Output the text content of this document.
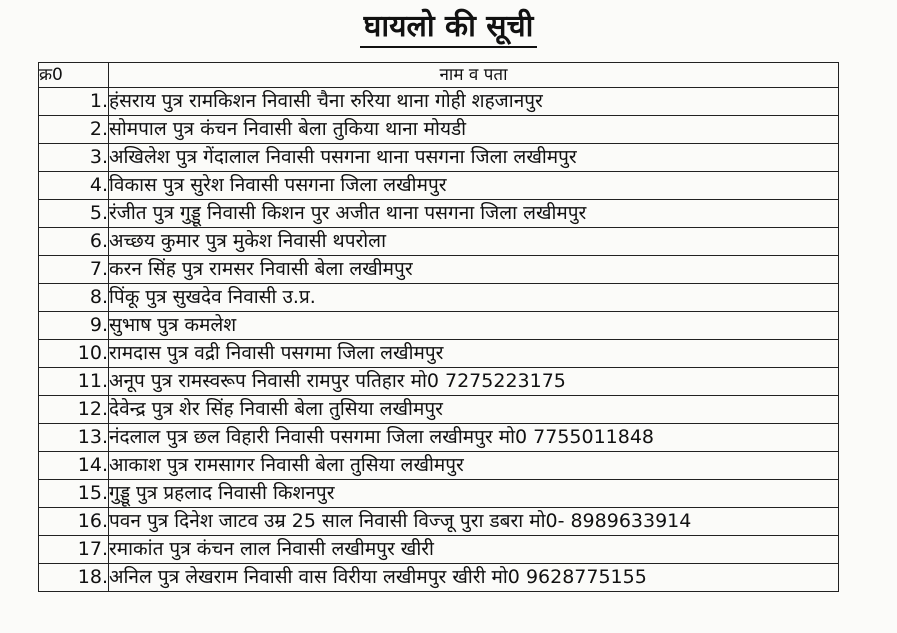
घायलो की सूची
क्र0	नाम व पता
1.	हंसराय पुत्र रामकिशन निवासी चैना रुरिया थाना गोही शहजानपुर
2.	सोमपाल पुत्र कंचन निवासी बेला तुकिया थाना मोयडी
3.	अखिलेश पुत्र गेंदालाल निवासी पसगना थाना पसगना जिला लखीमपुर
4.	विकास पुत्र सुरेश निवासी पसगना जिला लखीमपुर
5.	रंजीत पुत्र गुड्डू निवासी किशन पुर अजीत थाना पसगना जिला लखीमपुर
6.	अच्छय कुमार पुत्र मुकेश निवासी थपरोला
7.	करन सिंह पुत्र रामसर निवासी बेला लखीमपुर
8.	पिंकू पुत्र सुखदेव निवासी उ.प्र.
9.	सुभाष पुत्र कमलेश
10.	रामदास पुत्र वद्री निवासी पसगमा जिला लखीमपुर
11.	अनूप पुत्र रामस्वरूप निवासी रामपुर पतिहार मो0 7275223175
12.	देवेन्द्र पुत्र शेर सिंह निवासी बेला तुसिया लखीमपुर
13.	नंदलाल पुत्र छल विहारी निवासी पसगमा जिला लखीमपुर मो0 7755011848
14.	आकाश पुत्र रामसागर निवासी बेला तुसिया लखीमपुर
15.	गुड्डू पुत्र प्रहलाद निवासी किशनपुर
16.	पवन पुत्र दिनेश जाटव उम्र 25 साल निवासी विज्जू पुरा डबरा मो0- 8989633914
17.	रमाकांत पुत्र कंचन लाल निवासी लखीमपुर खीरी
18.	अनिल पुत्र लेखराम निवासी वास विरीया लखीमपुर खीरी मो0 9628775155
